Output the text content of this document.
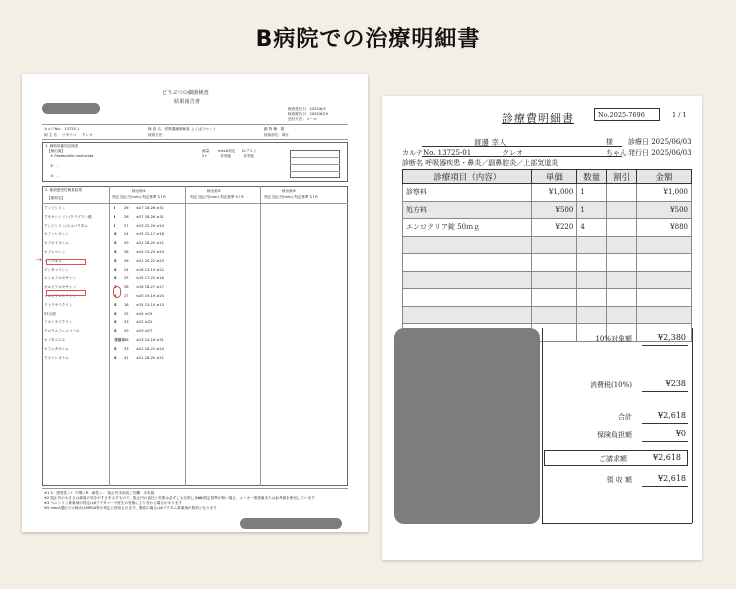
B病院での治療明細書
どうぶつの細菌検査
結果報告書
検査受付日：2025/6/3
検査報告日：2025/6/20
送付方法：メール
カルテNo.：13725-1
飼 主 名： ワタナベ クレオ
検 査 名：呼吸器細菌検査 よくばりセット
採取方法：
動 物 種：猫
採取部位：鼻汁
1. 細菌培養同定検査
【検出菌】
① Pasteurella multocida
②：-
③：-
菌量
2+
mecA判定
非実施
D-テスト
非実施
2. 薬剤感受性検査結果
【薬剤名】
検出菌①	検出菌②	検出菌③
判定 阻止円(mm) 判定基準 S I R	判定 阻止円(mm) 判定基準 S I R	判定 阻止円(mm) 判定基準 S I R
アンピシリン	I 26 ≤27 18-26 ≥31
アモキシシリン/クラブラン酸	I 26 ≤27 18-26 ≥31
アンピシリン/スルバクタム	I 27 ≤23 22-24 ≥24
セファレキシン	S 24 ≤15 15-17 ≥18
セフポドキシム	S 29 ≤21 18-20 ≥21
セフォベシン	S 28 ≤24 15-23 ≥24
イミペネム	S 26 ≤21 20-22 ≥23
ゲンタマイシン	S 24 ≤16 13-15 ≥22
エンロフロキサシン	S 25 ≤15 17-22 ≥16
オルビフロキサシン	S 28 ≤16 18-27 ≥27
マルボフロキサシン	S 27 ≤20 19-19 ≥24
テトラサイクリン	S 18 ≤15 13-14 ≥15
ST合剤	S 25 ≤24 ≥15
ドキシサイクリン	S 33 ≤22 ≥22
クロラムフェニコール	S 29 ≤29 ≥27
セフタジジム	非該当 36 ≤23 14-16 ≥31
セフォタキシム	S 33 ≤22 18-21 ≥24
アズトレオナム	S 31 ≤21 18-20 ≥21
→
※1 S：感受性 / I：中間 / R：耐性 / -：阻止円未形成 / 空欄：未実施
※2 阻止円の大きさは薬剤の効きやすさを示すもので、阻止円の直径と効果は必ずしも比例しません
※3 ペニシリン系薬剤の判定はβラクタマーゼ産生の有無により変わる場合があります
※4 判定基準が無い場合、メーカー推奨値または参考値を使用しています
※5 mecA遺伝子の検出はMRSA等の判定に使用されます。陽性の場合はβラクタム系薬剤が無効となります
診療費明細書	No.2025-7696	1 / 1
渡邊 幸人	様
カルテNo. 13725-01	クレオ	ちゃん
診療日 2025/06/03
発行日 2025/06/03
診断名 呼吸器疾患・鼻炎／副鼻腔炎／上部気道炎
診療項目（内容）	単価	数量	割引	金額
診察料	¥1,000	1		¥1,000
処方料	¥500	1		¥500
エンロクリア錠 50ｍｇ	¥220	4		¥880

10%対象額	¥2,380
消費税(10%)	¥238
合計	¥2,618
保険負担額	¥0
ご請求額	¥2,618
領 収 額	¥2,618
